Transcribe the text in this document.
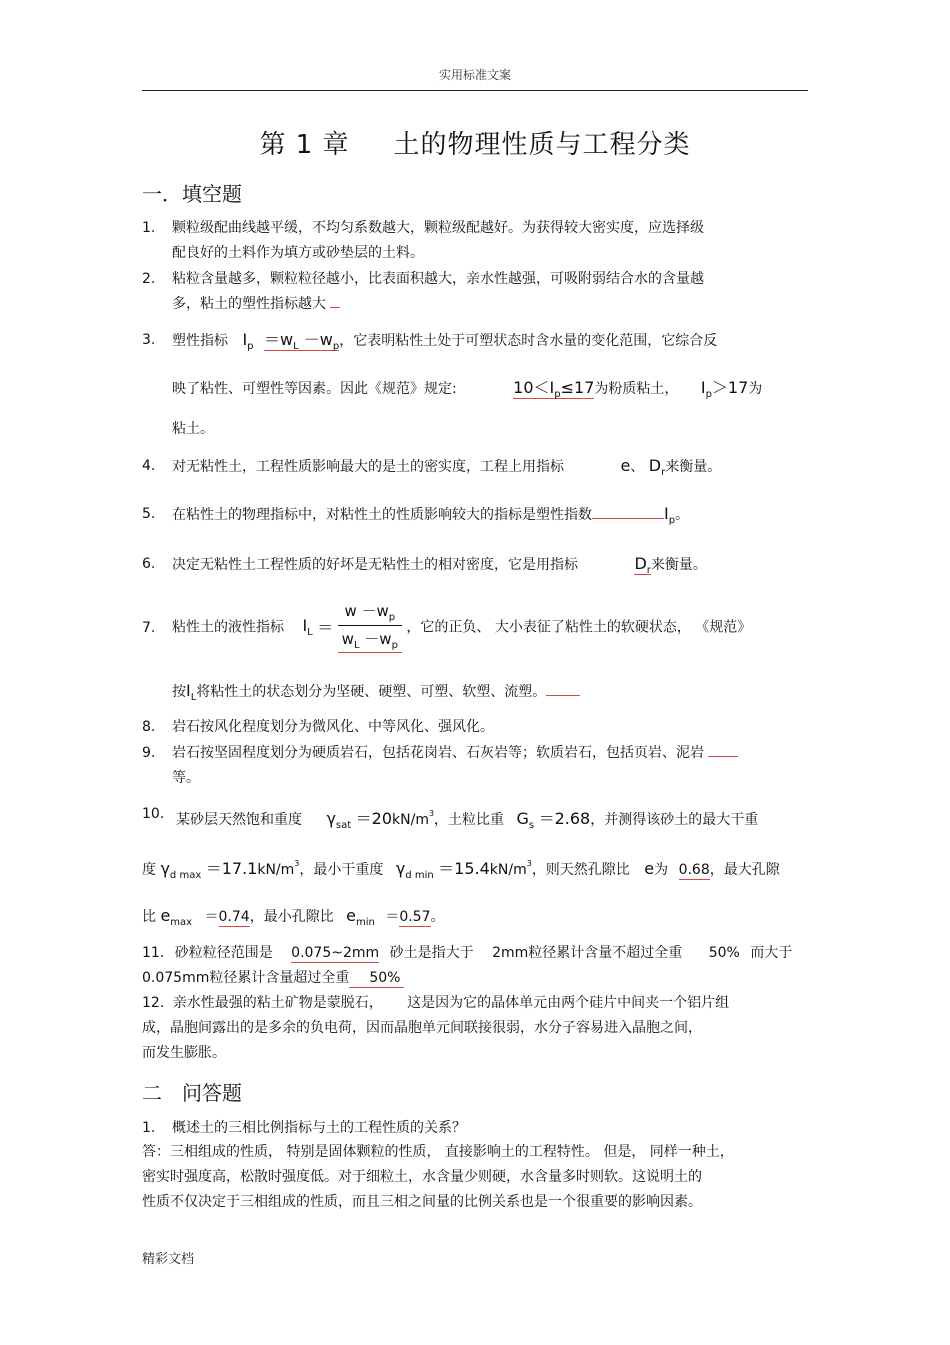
实用标准文案
第 1 章 土的物理性质与工程分类
一．填空题
1. 颗粒级配曲线越平缓，不均匀系数越大，颗粒级配越好。为获得较大密实度，应选择级
配良好的土料作为填方或砂垫层的土料。
2. 粘粒含量越多，颗粒粒径越小，比表面积越大，亲水性越强，可吸附弱结合水的含量越
多，粘土的塑性指标越大
3. 塑性指标 $I_p =w_L -w_p$，它表明粘性土处于可塑状态时含水量的变化范围，它综合反
映了粘性、可塑性等因素。因此《规范》规定:	$10<I_p\le 17$为粉质粘土， $I_p>17$为
粘土。
4. 对无粘性土，工程性质影响最大的是土的密实度，工程上用指标	e、 $D_r$来衡量。
5. 在粘性土的物理指标中，对粘性土的性质影响较大的指标是塑性指数	$I_p$。
6. 决定无粘性土工程性质的好坏是无粘性土的相对密度，它是用指标	$D_r$来衡量。
7. 粘性土的液性指标 $I_L = \frac{w -w_p}{w_L -w_p}$ ，它的正负、 大小表征了粘性土的软硬状态， 《规范》
按$I_L$将粘性土的状态划分为坚硬、硬塑、可塑、软塑、流塑。
8. 岩石按风化程度划分为微风化、中等风化、强风化。
9. 岩石按坚固程度划分为硬质岩石，包括花岗岩、石灰岩等；软质岩石，包括页岩、泥岩
等。
10. 某砂层天然饱和重度 $\gamma_{sat} =20kN/m^3$，土粒比重 $G_s =2.68$，并测得该砂土的最大干重
度 $\gamma_{d max} =17.1kN/m^3$，最小干重度 $\gamma_{d min} =15.4kN/m^3$，则天然孔隙比 e为 0.68，最大孔隙
比 $e_{max} =0.74$，最小孔隙比 $e_{min} =0.57$。
11. 砂粒粒径范围是 0.075~2mm 砂土是指大于 2mm粒径累计含量不超过全重 50% 而大于
0.075mm粒径累计含量超过全重 50%
12. 亲水性最强的粘土矿物是蒙脱石， 这是因为它的晶体单元由两个硅片中间夹一个铝片组
成，晶胞间露出的是多余的负电荷，因而晶胞单元间联接很弱，水分子容易进入晶胞之间，
而发生膨胀。
二　问答题
1. 概述土的三相比例指标与土的工程性质的关系？
答：三相组成的性质， 特别是固体颗粒的性质， 直接影响土的工程特性。 但是， 同样一种土，
密实时强度高，松散时强度低。对于细粒土，水含量少则硬，水含量多时则软。这说明土的
性质不仅决定于三相组成的性质，而且三相之间量的比例关系也是一个很重要的影响因素。
精彩文档
